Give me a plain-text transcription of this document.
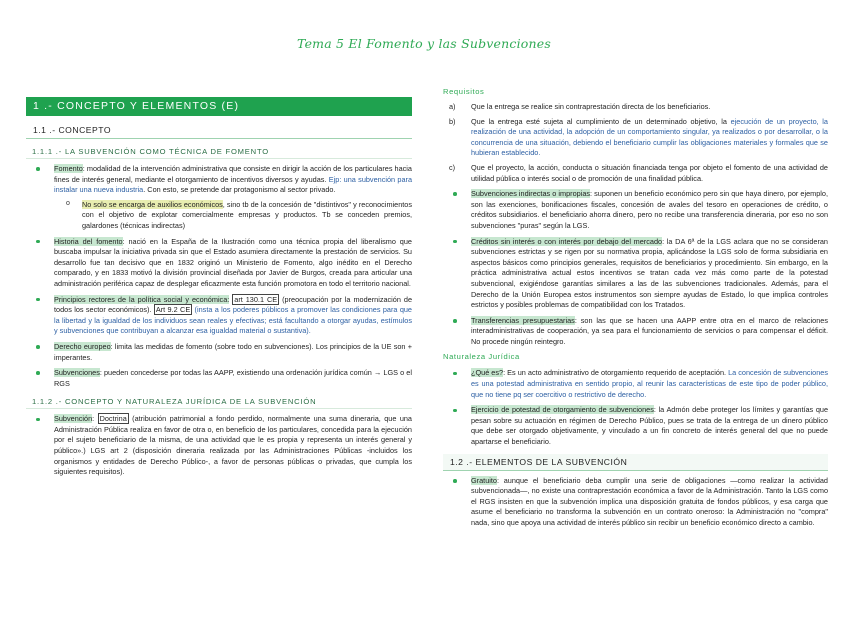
Tema 5 El Fomento y las Subvenciones
1 .- CONCEPTO Y ELEMENTOS (E)
1.1 .- CONCEPTO
1.1.1 .- LA SUBVENCIÓN COMO TÉCNICA DE FOMENTO
Fomento: modalidad de la intervención administrativa que consiste en dirigir la acción de los particulares hacia fines de interés general, mediante el otorgamiento de incentivos diversos y ayudas. Ejp: una subvención para instalar una nueva industria. Con esto, se pretende dar protagonismo al sector privado.
o No solo se encarga de auxilios económicos, sino tb de la concesión de "distintivos" y reconocimientos con el objetivo de explotar comercialmente empresas y productos. Tb se conceden premios, galardones (técnicas indirectas)
Historia del fomento: nació en la España de la Ilustración como una técnica propia del liberalismo que buscaba impulsar la iniciativa privada sin que el Estado asumiera directamente la prestación de servicios. Su desarrollo fue tan decisivo que en 1832 originó un Ministerio de Fomento, algo inédito en el Derecho comparado, y en 1833 motivó la división provincial diseñada por Javier de Burgos, creada para articular una administración periférica capaz de desplegar eficazmente esta función promotora en todo el territorio nacional.
Principios rectores de la política social y económica: art 130.1 CE (preocupación por la modernización de todos los sector económicos). Art 9.2 CE (insta a los poderes públicos a promover las condiciones para que la libertad y la igualdad de los individuos sean reales y efectivas; está facultando a otorgar ayudas, estímulos y subvenciones que contribuyan a alcanzar esa igualdad material o sustantiva).
Derecho europeo: limita las medidas de fomento (sobre todo en subvenciones). Los principios de la UE son + imperantes.
Subvenciones: pueden concederse por todas las AAPP, existiendo una ordenación jurídica común → LGS o el RGS
1.1.2 .- CONCEPTO Y NATURALEZA JURÍDICA DE LA SUBVENCIÓN
Subvención: Doctrina (atribución patrimonial a fondo perdido, normalmente una suma dineraria, que una Administración Pública realiza en favor de otra o, en beneficio de los particulares, concedida para la ejecución por el sujeto beneficiario de la misma, de una actividad que le es propia y representa un interés general y público».) LGS art 2 (disposición dineraria realizada por las Administraciones Públicas -incluidos los organismos y entidades de Derecho Público-, a favor de personas públicas o privadas, que cumpla los siguientes requisitos).
Requisitos
a) Que la entrega se realice sin contraprestación directa de los beneficiarios.
b) Que la entrega esté sujeta al cumplimiento de un determinado objetivo, la ejecución de un proyecto, la realización de una actividad, la adopción de un comportamiento singular, ya realizados o por desarrollar, o la concurrencia de una situación, debiendo el beneficiario cumplir las obligaciones materiales y formales que se hubieran establecido.
c) Que el proyecto, la acción, conducta o situación financiada tenga por objeto el fomento de una actividad de utilidad pública o interés social o de promoción de una finalidad pública.
Subvenciones indirectas o impropias: suponen un beneficio económico pero sin que haya dinero, por ejemplo, son las exenciones, bonificaciones fiscales, concesión de avales del tesoro en operaciones de crédito, o créditos subsidiarios. el beneficiario ahorra dinero, pero no recibe una transferencia dineraria, por eso no son subvenciones "puras" según la LGS.
Créditos sin interés o con interés por debajo del mercado: la DA 6ª de la LGS aclara que no se consideran subvenciones estrictas y se rigen por su normativa propia, aplicándose la LGS solo de forma subsidiaria en aspectos básicos como principios generales, requisitos de beneficiarios y procedimiento. Sin embargo, en la práctica administrativa actual estos incentivos se tratan cada vez más como parte de la potestad subvencional, exigiéndose garantías similares a las de las subvenciones tradicionales. Además, para el Derecho de la Unión Europea estos instrumentos son siempre ayudas de Estado, lo que implica controles estrictos y posibles problemas de compatibilidad con los Tratados.
Transferencias presupuestarias: son las que se hacen una AAPP entre otra en el marco de relaciones interadministrativas de cooperación, ya sea para el funcionamiento de servicios o para compensar el déficit. No procede ningún reintegro.
Naturaleza Jurídica
¿Qué es?: Es un acto administrativo de otorgamiento requerido de aceptación. La concesión de subvenciones es una potestad administrativa en sentido propio, al reunir las características de este tipo de poder público, que no tiene pq ser coercitivo o restrictivo de derecho.
Ejercicio de potestad de otorgamiento de subvenciones: la Admón debe proteger los límites y garantías que pesan sobre su actuación en régimen de Derecho Público, pues se trata de la entrega de un dinero público que debe ser otorgado objetivamente, y vinculado a un fin concreto de interés general del que no puede apartarse el beneficiario.
1.2 .- ELEMENTOS DE LA SUBVENCIÓN
Gratuito: aunque el beneficiario deba cumplir una serie de obligaciones —como realizar la actividad subvencionada—, no existe una contraprestación económica a favor de la Administración. Tanto la LGS como el RGS insisten en que la subvención implica una disposición gratuita de fondos públicos, y esa carga que asume el beneficiario no transforma la subvención en un contrato oneroso: la Administración no "compra" nada, sino que apoya una actividad de interés público sin recibir un beneficio económico directo a cambio.
